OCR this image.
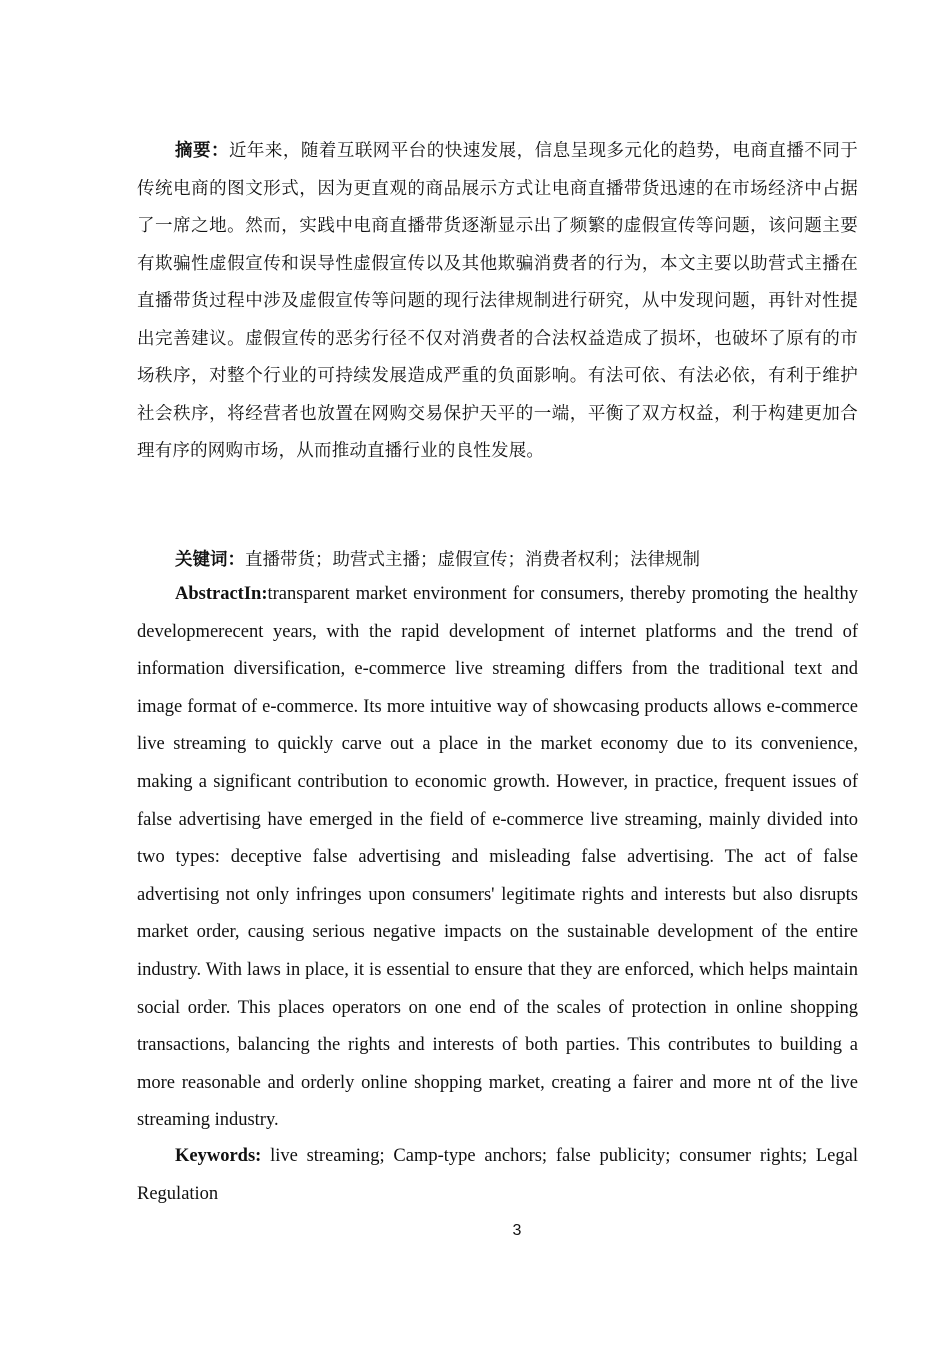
摘要：近年来，随着互联网平台的快速发展，信息呈现多元化的趋势，电商直播不同于传统电商的图文形式，因为更直观的商品展示方式让电商直播带货迅速的在市场经济中占据了一席之地。然而，实践中电商直播带货逐渐显示出了频繁的虚假宣传等问题，该问题主要有欺骗性虚假宣传和误导性虚假宣传以及其他欺骗消费者的行为，本文主要以助营式主播在直播带货过程中涉及虚假宣传等问题的现行法律规制进行研究，从中发现问题，再针对性提出完善建议。虚假宣传的恶劣行径不仅对消费者的合法权益造成了损坏，也破坏了原有的市场秩序，对整个行业的可持续发展造成严重的负面影响。有法可依、有法必依，有利于维护社会秩序，将经营者也放置在网购交易保护天平的一端，平衡了双方权益，利于构建更加合理有序的网购市场，从而推动直播行业的良性发展。

关键词：直播带货；助营式主播；虚假宣传；消费者权利；法律规制

AbstractIn:transparent market environment for consumers, thereby promoting the healthy developmerecent years, with the rapid development of internet platforms and the trend of information diversification, e-commerce live streaming differs from the traditional text and image format of e-commerce. Its more intuitive way of showcasing products allows e-commerce live streaming to quickly carve out a place in the market economy due to its convenience, making a significant contribution to economic growth. However, in practice, frequent issues of false advertising have emerged in the field of e-commerce live streaming, mainly divided into two types: deceptive false advertising and misleading false advertising. The act of false advertising not only infringes upon consumers' legitimate rights and interests but also disrupts market order, causing serious negative impacts on the sustainable development of the entire industry. With laws in place, it is essential to ensure that they are enforced, which helps maintain social order. This places operators on one end of the scales of protection in online shopping transactions, balancing the rights and interests of both parties. This contributes to building a more reasonable and orderly online shopping market, creating a fairer and more nt of the live streaming industry.

Keywords: live streaming; Camp-type anchors; false publicity; consumer rights; Legal Regulation

3
